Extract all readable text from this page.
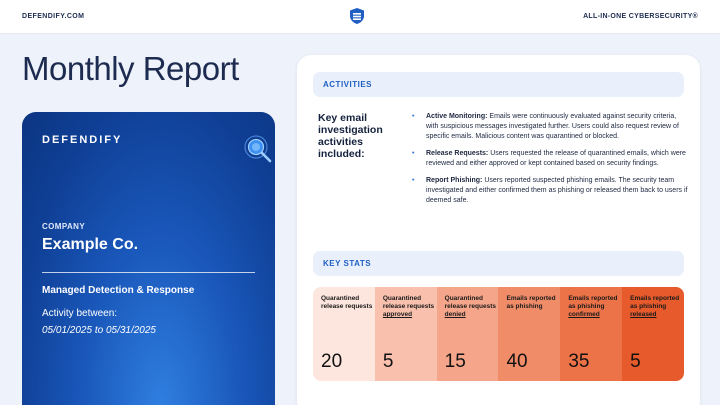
DEFENDIFY.COM	ALL-IN-ONE CYBERSECURITY®
Monthly Report
DEFENDIFY
COMPANY
Example Co.
Managed Detection & Response
Activity between:
05/01/2025 to 05/31/2025
ACTIVITIES
Key email investigation activities included:
• Active Monitoring: Emails were continuously evaluated against security criteria, with suspicious messages investigated further. Users could also request review of specific emails. Malicious content was quarantined or blocked.
• Release Requests: Users requested the release of quarantined emails, which were reviewed and either approved or kept contained based on security findings.
• Report Phishing: Users reported suspected phishing emails. The security team investigated and either confirmed them as phishing or released them back to users if deemed safe.
KEY STATS
Quarantined release requests
20
Quarantined release requests approved
5
Quarantined release requests denied
15
Emails reported as phishing
40
Emails reported as phishing confirmed
35
Emails reported as phishing released
5
